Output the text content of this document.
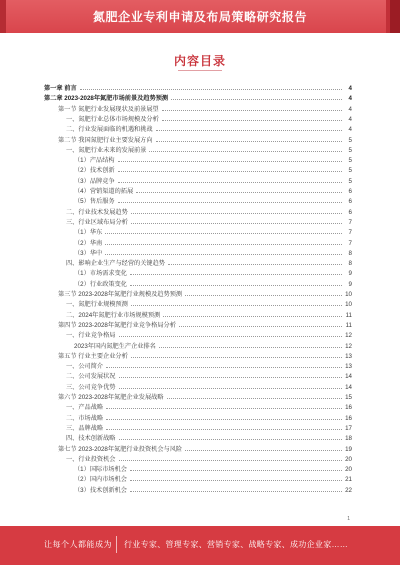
氮肥企业专利申请及布局策略研究报告
内容目录
第一章 前言	4
第二章 2023-2028年氮肥市场前景及趋势预测	4
第一节 氮肥行业发展现状及前景展望	4
一、氮肥行业总体市场规模及分析	4
二、行业发展面临的机遇和挑战	4
第二节 我国氮肥行业主要发展方向	5
一、氮肥行业未来的发展前景	5
（1）产品结构	5
（2）技术创新	5
（3）品牌竞争	5
（4）营销渠道的拓展	6
（5）售后服务	6
二、行业技术发展趋势	6
三、行业区域布局分析	7
（1）华东	7
（2）华南	7
（3）华中	8
四、影响企业生产与经营的关键趋势	8
（1）市场需求变化	9
（2）行业政策变化	9
第三节 2023-2028年氮肥行业规模及趋势预测	10
一、氮肥行业规模预测	10
二、2024年氮肥行业市场规模预测	11
第四节 2023-2028年氮肥行业竞争格局分析	11
一、行业竞争格局	12
2023年国内氮肥生产企业排名	12
第五节 行业主要企业分析	13
一、公司简介	13
二、公司发展状况	14
三、公司竞争优势	14
第六节 2023-2028年氮肥企业发展战略	15
一、产品战略	16
二、市场战略	16
三、品牌战略	17
四、技术创新战略	18
第七节 2023-2028年氮肥行业投资机会与风险	19
一、行业投资机会	20
（1）国际市场机会	20
（2）国内市场机会	21
（3）技术创新机会	22
1
让每个人都能成为 行业专家、管理专家、营销专家、战略专家、成功企业家……
